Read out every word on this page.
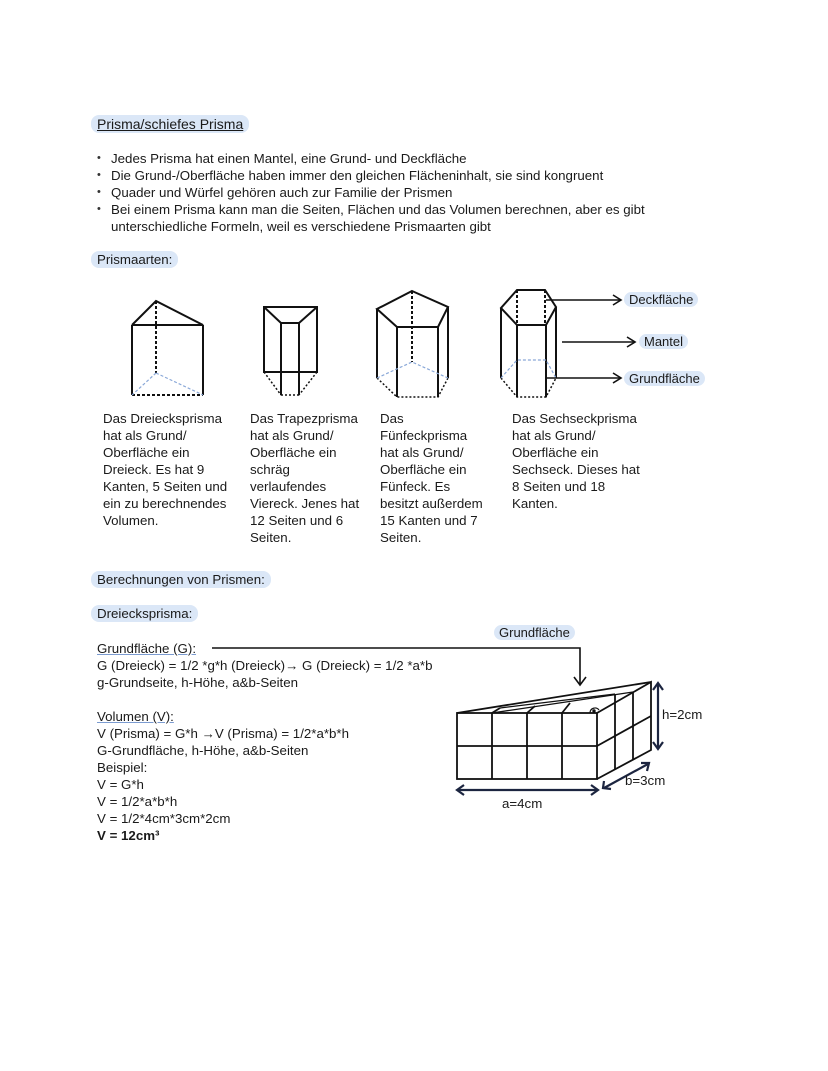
Prisma/schiefes Prisma
• Jedes Prisma hat einen Mantel, eine Grund- und Deckfläche
• Die Grund-/Oberfläche haben immer den gleichen Flächeninhalt, sie sind kongruent
• Quader und Würfel gehören auch zur Familie der Prismen
• Bei einem Prisma kann man die Seiten, Flächen und das Volumen berechnen, aber es gibt unterschiedliche Formeln, weil es verschiedene Prismaarten gibt
Prismaarten:
Deckfläche
Mantel
Grundfläche
Das Dreiecksprisma
hat als Grund/
Oberfläche ein
Dreieck. Es hat 9
Kanten, 5 Seiten und
ein zu berechnendes
Volumen.
Das Trapezprisma
hat als Grund/
Oberfläche ein
schräg
verlaufendes
Viereck. Jenes hat
12 Seiten und 6
Seiten.
Das
Fünfeckprisma
hat als Grund/
Oberfläche ein
Fünfeck. Es
besitzt außerdem
15 Kanten und 7
Seiten.
Das Sechseckprisma
hat als Grund/
Oberfläche ein
Sechseck. Dieses hat
8 Seiten und 18
Kanten.
Berechnungen von Prismen:
Dreiecksprisma:
Grundfläche (G):
G (Dreieck) = 1/2 *g*h (Dreieck)→ G (Dreieck) = 1/2 *a*b
g-Grundseite, h-Höhe, a&b-Seiten
Volumen (V):
V (Prisma) = G*h →V (Prisma) = 1/2*a*b*h
G-Grundfläche, h-Höhe, a&b-Seiten
Beispiel:
V = G*h
V = 1/2*a*b*h
V = 1/2*4cm*3cm*2cm
V = 12cm³
Grundfläche
h=2cm
b=3cm
a=4cm
